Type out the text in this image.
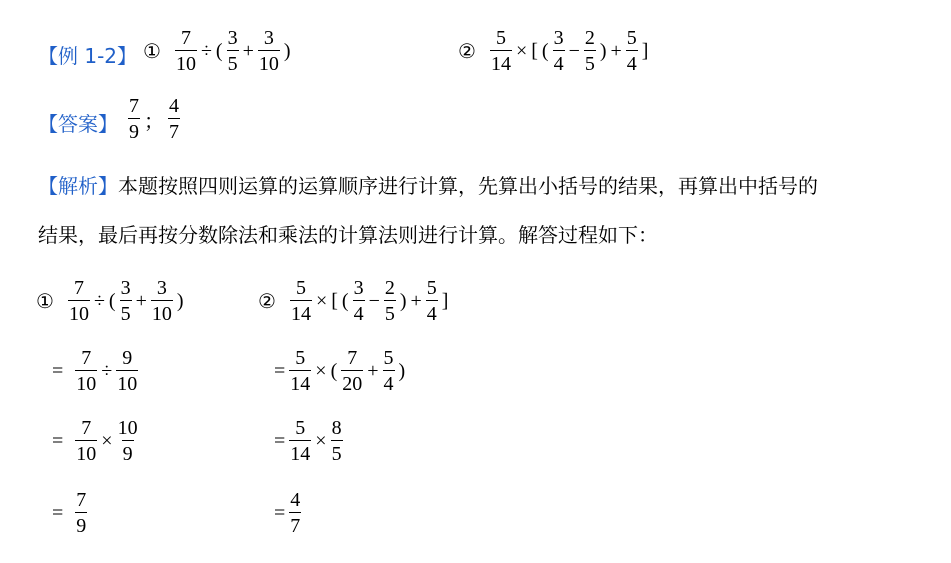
【例 1-2】 ① $\frac{7}{10}$ ÷ ( $\frac{3}{5} + \frac{3}{10}$ )	② $\frac{5}{14}$ × [ ( $\frac{3}{4} - \frac{2}{5}$ ) + $\frac{5}{4}$ ]
【答案】 $\frac{7}{9}$ ； $\frac{4}{7}$
【解析】本题按照四则运算的运算顺序进行计算，先算出小括号的结果，再算出中括号的
结果，最后再按分数除法和乘法的计算法则进行计算。解答过程如下：
① $\frac{7}{10}$ ÷ ( $\frac{3}{5} + \frac{3}{10}$ )
= $\frac{7}{10} \div \frac{9}{10}$
= $\frac{7}{10} \times \frac{10}{9}$
= $\frac{7}{9}$
② $\frac{5}{14}$ × [ ( $\frac{3}{4} - \frac{2}{5}$ ) + $\frac{5}{4}$ ]
= $\frac{5}{14}$ × ( $\frac{7}{20} + \frac{5}{4}$ )
= $\frac{5}{14} \times \frac{8}{5}$
= $\frac{4}{7}$
